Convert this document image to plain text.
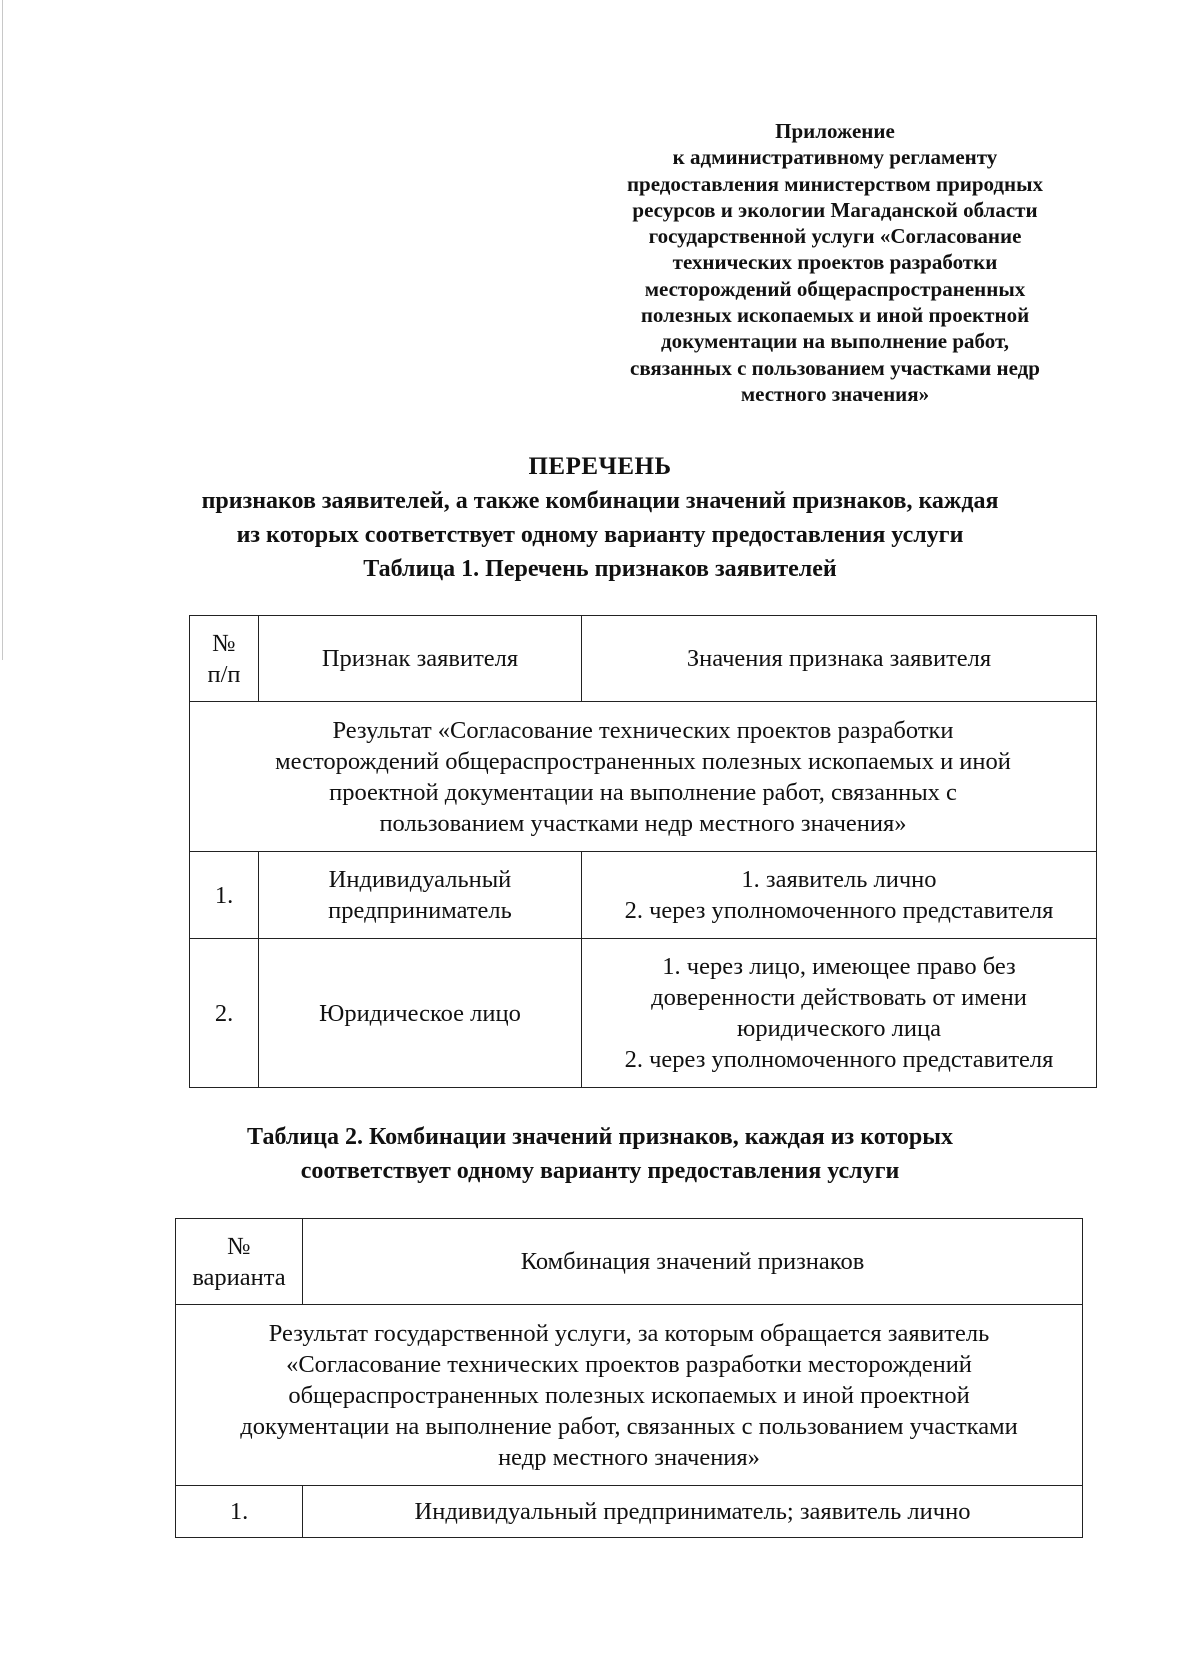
Приложение
к административному регламенту
предоставления министерством природных
ресурсов и экологии Магаданской области
государственной услуги «Согласование
технических проектов разработки
месторождений общераспространенных
полезных ископаемых и иной проектной
документации на выполнение работ,
связанных с пользованием участками недр
местного значения»
ПЕРЕЧЕНЬ
признаков заявителей, а также комбинации значений признаков, каждая
из которых соответствует одному варианту предоставления услуги
Таблица 1. Перечень признаков заявителей
№
п/п	Признак заявителя	Значения признака заявителя

Результат «Согласование технических проектов разработки
месторождений общераспространенных полезных ископаемых и иной
проектной документации на выполнение работ, связанных с
пользованием участками недр местного значения»		

1.	Индивидуальный
предприниматель	1. заявитель лично
2. через уполномоченного представителя

2.	Юридическое лицо	1. через лицо, имеющее право без
доверенности действовать от имени
юридического лица
2. через уполномоченного представителя
Таблица 2. Комбинации значений признаков, каждая из которых
соответствует одному варианту предоставления услуги
№
варианта	Комбинация значений признаков

Результат государственной услуги, за которым обращается заявитель
«Согласование технических проектов разработки месторождений
общераспространенных полезных ископаемых и иной проектной
документации на выполнение работ, связанных с пользованием участками
недр местного значения»	

1.	Индивидуальный предприниматель; заявитель лично
